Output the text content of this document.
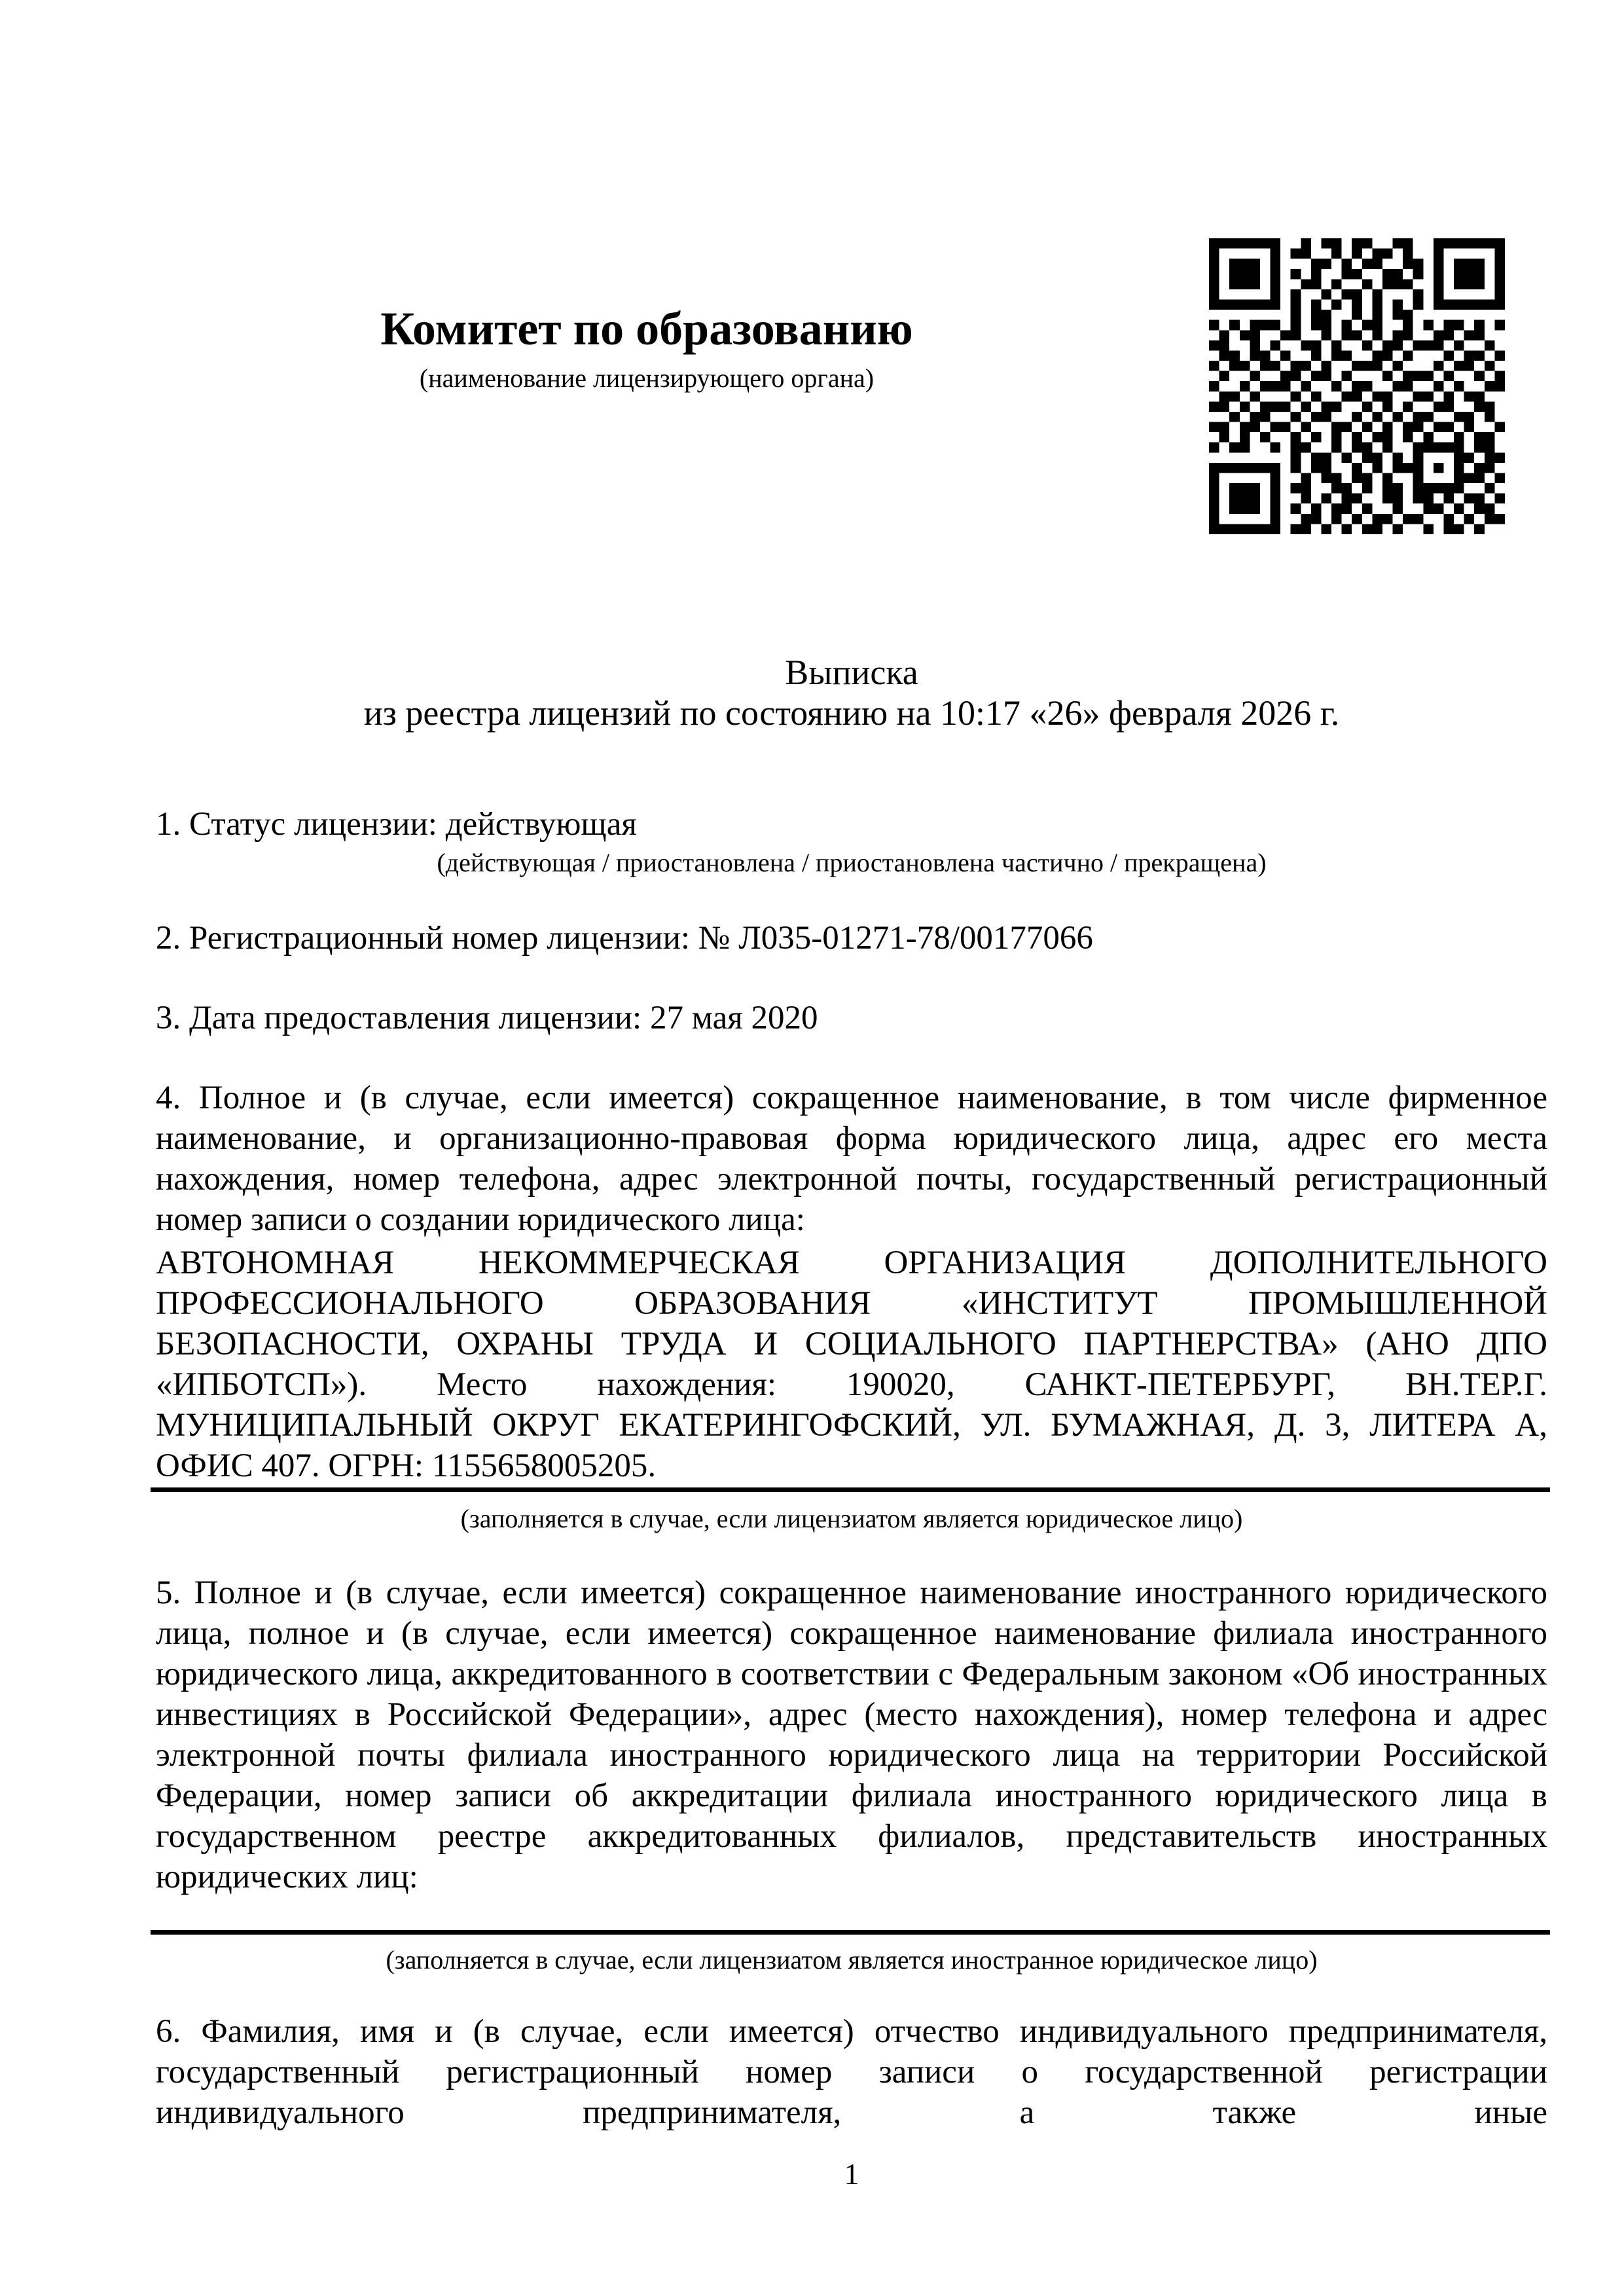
Комитет по образованию
(наименование лицензирующего органа)
Выписка
из реестра лицензий по состоянию на 10:17 «26» февраля 2026 г.
1. Статус лицензии: действующая
(действующая / приостановлена / приостановлена частично / прекращена)
2. Регистрационный номер лицензии: № Л035-01271-78/00177066
3. Дата предоставления лицензии: 27 мая 2020
4. Полное и (в случае, если имеется) сокращенное наименование, в том числе фирменное наименование, и организационно-правовая форма юридического лица, адрес его места нахождения, номер телефона, адрес электронной почты, государственный регистрационный номер записи о создании юридического лица:
АВТОНОМНАЯ НЕКОММЕРЧЕСКАЯ ОРГАНИЗАЦИЯ ДОПОЛНИТЕЛЬНОГО ПРОФЕССИОНАЛЬНОГО ОБРАЗОВАНИЯ «ИНСТИТУТ ПРОМЫШЛЕННОЙ БЕЗОПАСНОСТИ, ОХРАНЫ ТРУДА И СОЦИАЛЬНОГО ПАРТНЕРСТВА» (АНО ДПО «ИПБОТСП»). Место нахождения: 190020, САНКТ-ПЕТЕРБУРГ, ВН.ТЕР.Г. МУНИЦИПАЛЬНЫЙ ОКРУГ ЕКАТЕРИНГОФСКИЙ, УЛ. БУМАЖНАЯ, Д. 3, ЛИТЕРА А, ОФИС 407. ОГРН: 1155658005205.
(заполняется в случае, если лицензиатом является юридическое лицо)
5. Полное и (в случае, если имеется) сокращенное наименование иностранного юридического лица, полное и (в случае, если имеется) сокращенное наименование филиала иностранного юридического лица, аккредитованного в соответствии с Федеральным законом «Об иностранных инвестициях в Российской Федерации», адрес (место нахождения), номер телефона и адрес электронной почты филиала иностранного юридического лица на территории Российской Федерации, номер записи об аккредитации филиала иностранного юридического лица в государственном реестре аккредитованных филиалов, представительств иностранных юридических лиц:
(заполняется в случае, если лицензиатом является иностранное юридическое лицо)
6. Фамилия, имя и (в случае, если имеется) отчество индивидуального предпринимателя, государственный регистрационный номер записи о государственной регистрации индивидуального предпринимателя, а также иные
1
